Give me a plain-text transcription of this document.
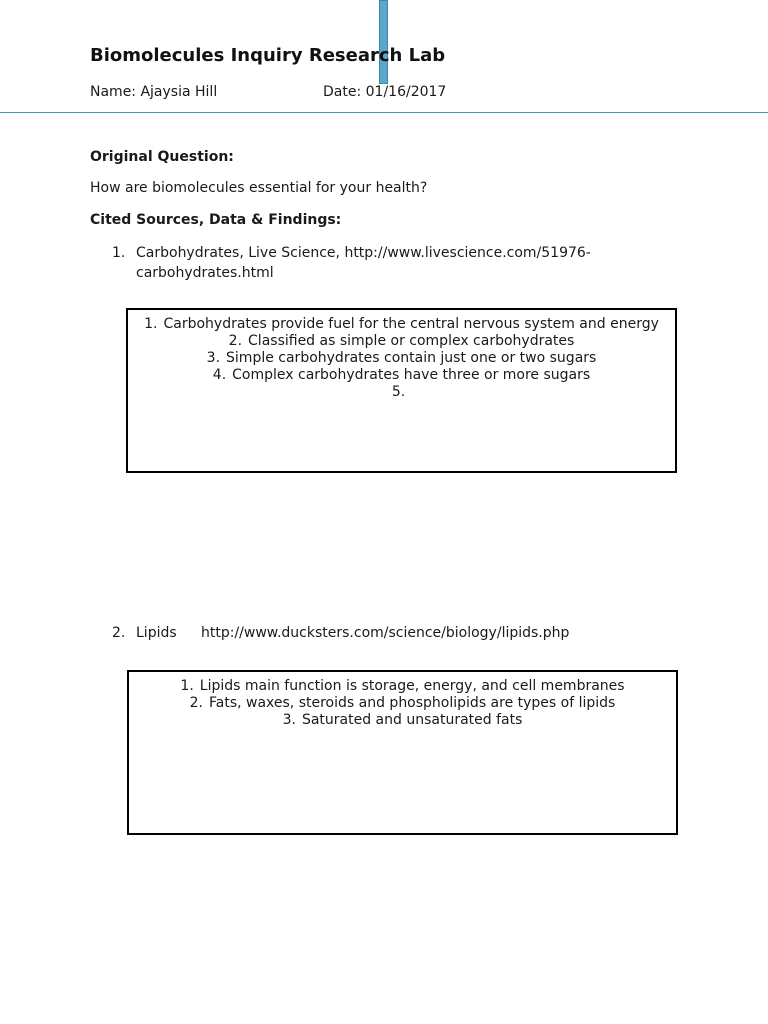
Biomolecules Inquiry Research Lab
Name: Ajaysia Hill	Date: 01/16/2017
Original Question:
How are biomolecules essential for your health?
Cited Sources, Data & Findings:
1. Carbohydrates, Live Science, http://www.livescience.com/51976-
carbohydrates.html
1. Carbohydrates provide fuel for the central nervous system and energy
2. Classified as simple or complex carbohydrates
3. Simple carbohydrates contain just one or two sugars
4. Complex carbohydrates have three or more sugars
5.
2. Lipids http://www.ducksters.com/science/biology/lipids.php
1. Lipids main function is storage, energy, and cell membranes
2. Fats, waxes, steroids and phospholipids are types of lipids
3. Saturated and unsaturated fats
